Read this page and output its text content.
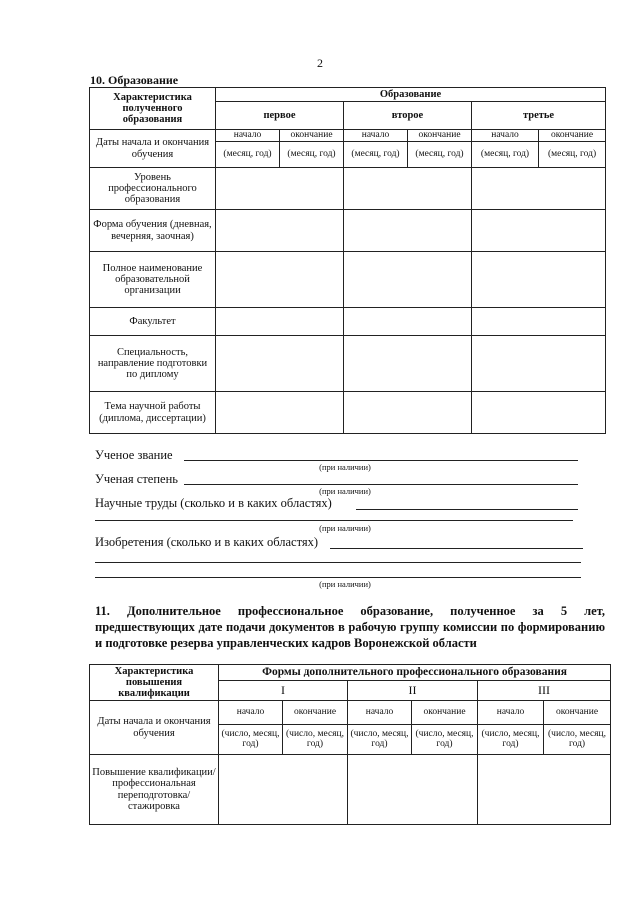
2
10. Образование
Характеристика полученного образования	Образование					
	первое		второе		третье	
Даты начала и окончания обучения	начало	окончание	начало	окончание	начало	окончание
	(месяц, год)	(месяц, год)	(месяц, год)	(месяц, год)	(месяц, год)	(месяц, год)
Уровень профессионального образования						
Форма обучения (дневная, вечерняя, заочная)						
Полное наименование образовательной организации						
Факультет						
Специальность, направление подготовки по диплому						
Тема научной работы (диплома, диссертации)						
Ученое звание
(при наличии)
Ученая степень
(при наличии)
Научные труды (сколько и в каких областях)
(при наличии)
Изобретения (сколько и в каких областях)
(при наличии)
11. Дополнительное профессиональное образование, полученное за 5 лет, предшествующих дате подачи документов в рабочую группу комиссии по формированию и подготовке резерва управленческих кадров Воронежской области
Характеристика повышения квалификации	Формы дополнительного профессионального образования					
	I		II		III	
Даты начала и окончания обучения	начало	окончание	начало	окончание	начало	окончание
	(число, месяц, год)	(число, месяц, год)	(число, месяц, год)	(число, месяц, год)	(число, месяц, год)	(число, месяц, год)
Повышение квалификации/ профессиональная переподготовка/ стажировка						
